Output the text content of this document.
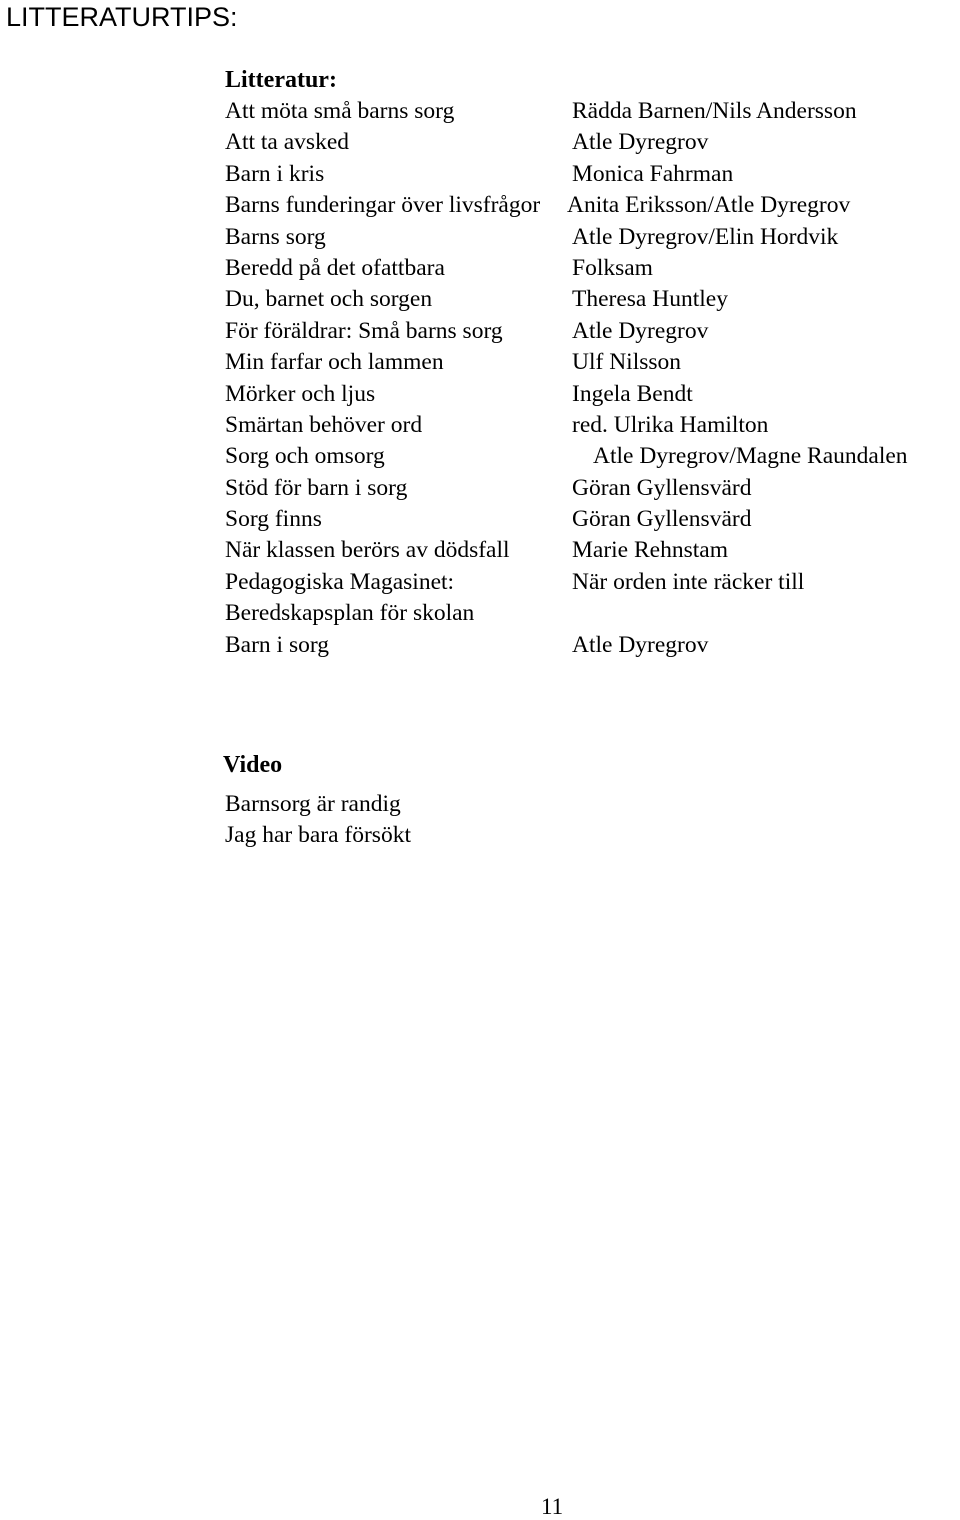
LITTERATURTIPS:
Litteratur:
Att möta små barns sorg	Rädda Barnen/Nils Andersson
Att ta avsked	Atle Dyregrov
Barn i kris	Monica Fahrman
Barns funderingar över livsfrågor Anita Eriksson/Atle Dyregrov
Barns sorg	Atle Dyregrov/Elin Hordvik
Beredd på det ofattbara	Folksam
Du, barnet och sorgen	Theresa Huntley
För föräldrar: Små barns sorg	Atle Dyregrov
Min farfar och lammen	Ulf Nilsson
Mörker och ljus	Ingela Bendt
Smärtan behöver ord	red. Ulrika Hamilton
Sorg och omsorg	Atle Dyregrov/Magne Raundalen
Stöd för barn i sorg	Göran Gyllensvärd
Sorg finns	Göran Gyllensvärd
När klassen berörs av dödsfall	Marie Rehnstam
Pedagogiska Magasinet:	När orden inte räcker till
Beredskapsplan för skolan
Barn i sorg	Atle Dyregrov
Video
Barnsorg är randig
Jag har bara försökt
11
